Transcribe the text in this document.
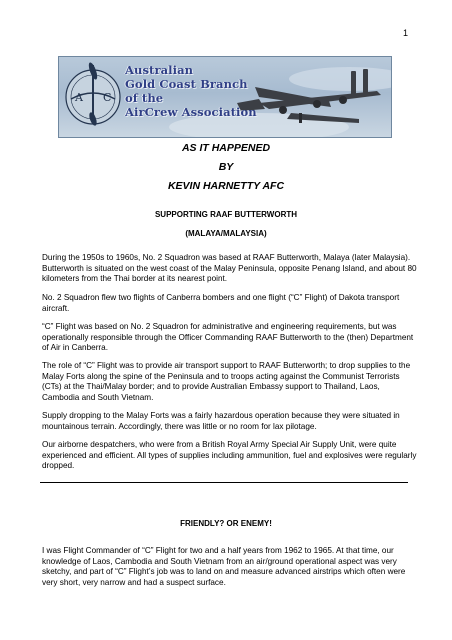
1
A C
A
Australian
Gold Coast Branch
of the
AirCrew Association
AS IT HAPPENED
BY
KEVIN HARNETTY AFC
SUPPORTING RAAF BUTTERWORTH
(MALAYA/MALAYSIA)

During the 1950s to 1960s, No. 2 Squadron was based at RAAF Butterworth, Malaya (later Malaysia). Butterworth is situated on the west coast of the Malay Peninsula, opposite Penang Island, and about 80 kilometers from the Thai border at its nearest point.

No. 2 Squadron flew two flights of Canberra bombers and one flight (“C” Flight) of Dakota transport aircraft.

“C” Flight was based on No. 2 Squadron for administrative and engineering requirements, but was operationally responsible through the Officer Commanding RAAF Butterworth to the (then) Department of Air in Canberra.

The role of “C” Flight was to provide air transport support to RAAF Butterworth; to drop supplies to the Malay Forts along the spine of the Peninsula and to troops acting against the Communist Terrorists (CTs) at the Thai/Malay border; and to provide Australian Embassy support to Thailand, Laos, Cambodia and South Vietnam.

Supply dropping to the Malay Forts was a fairly hazardous operation because they were situated in mountainous terrain. Accordingly, there was little or no room for lax pilotage.

Our airborne despatchers, who were from a British Royal Army Special Air Supply Unit, were quite experienced and efficient. All types of supplies including ammunition, fuel and explosives were regularly dropped.

FRIENDLY? OR ENEMY!

I was Flight Commander of “C” Flight for two and a half years from 1962 to 1965. At that time, our knowledge of Laos, Cambodia and South Vietnam from an air/ground operational aspect was very sketchy, and part of “C” Flight’s job was to land on and measure advanced airstrips which often were very short, very narrow and had a suspect surface.
